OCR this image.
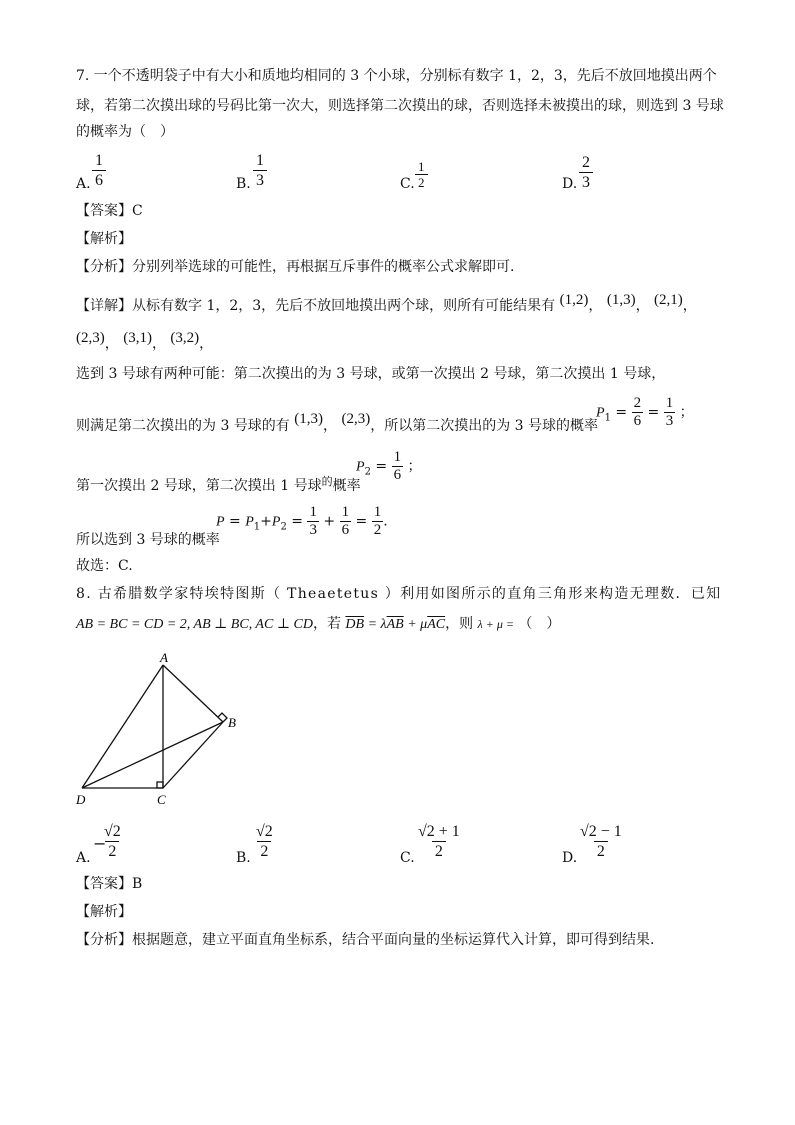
7. 一个不透明袋子中有大小和质地均相同的 3 个小球，分别标有数字 1，2，3，先后不放回地摸出两个
球，若第二次摸出球的号码比第一次大，则选择第二次摸出的球，否则选择未被摸出的球，则选到 3 号球
的概率为（　）
A.
1
6	B.
1
3	C.
1
2	D.
2
3
【答案】C
【解析】
【分析】分别列举选球的可能性，再根据互斥事件的概率公式求解即可.
【详解】从标有数字 1，2，3，先后不放回地摸出两个球，则所有可能结果有 (1,2)， (1,3)， (2,1)，
(2,3)， (3,1)， (3,2)，
选到 3 号球有两种可能：第二次摸出的为 3 号球，或第一次摸出 2 号球，第二次摸出 1 号球，
则满足第二次摸出的为 3 号球的有 (1,3)， (2,3)，所以第二次摸出的为 3 号球的概率
$P_1 = \frac{2}{6} = \frac{1}{3}$ ；
第一次摸出 2 号球，第二次摸出 1 号球$^的$概率
$P_2 = \frac{1}{6}$ ；
所以选到 3 号球的概率
$P = P_1+P_2 = \frac{1}{3} + \frac{1}{6} = \frac{1}{2}$ .
故选：C.
8. 古希腊数学家特埃特图斯（ Theaetetus ）利用如图所示的直角三角形来构造无理数．已知
AB = BC = CD = 2, AB ⊥ BC, AC ⊥ CD，若 $\overline{DB} = \lambda\overline{AB} + \mu\overline{AC}$，则 λ + μ = （　）
A
B
C
D
A.
−
√2
2	B.
√2
2	C.
√2 + 1
2	D.
√2 − 1
2
【答案】B
【解析】
【分析】根据题意，建立平面直角坐标系，结合平面向量的坐标运算代入计算，即可得到结果.
